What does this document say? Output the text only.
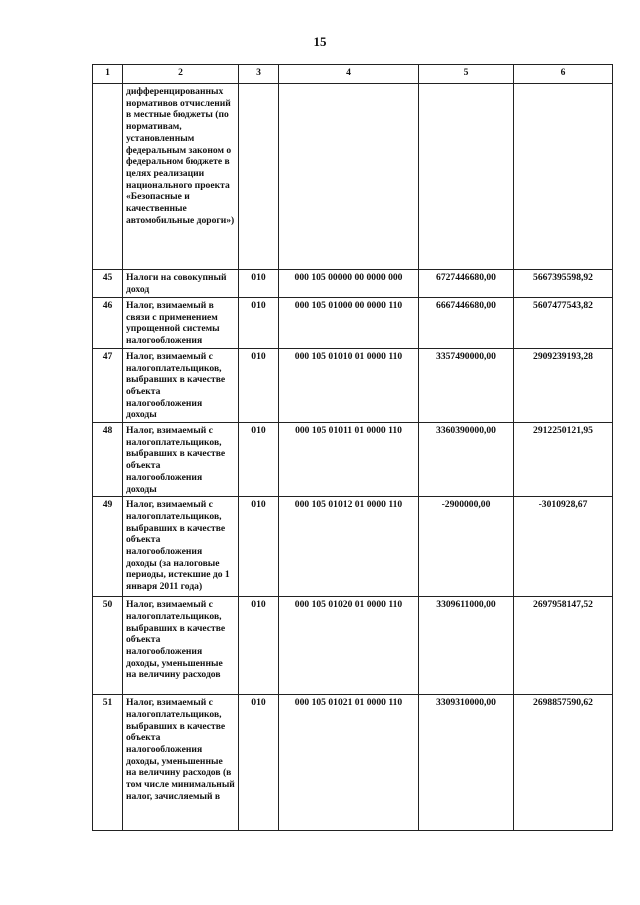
15
1	2	3	4	5	6
	дифференцированных нормативов отчислений в местные бюджеты (по нормативам, установленным федеральным законом о федеральном бюджете в целях реализации национального проекта «Безопасные и качественные автомобильные дороги»)				
45	Налоги на совокупный доход	010	000 105 00000 00 0000 000	6727446680,00	5667395598,92
46	Налог, взимаемый в связи с применением упрощенной системы налогообложения	010	000 105 01000 00 0000 110	6667446680,00	5607477543,82
47	Налог, взимаемый с налогоплательщиков, выбравших в качестве объекта налогообложения доходы	010	000 105 01010 01 0000 110	3357490000,00	2909239193,28
48	Налог, взимаемый с налогоплательщиков, выбравших в качестве объекта налогообложения доходы	010	000 105 01011 01 0000 110	3360390000,00	2912250121,95
49	Налог, взимаемый с налогоплательщиков, выбравших в качестве объекта налогообложения доходы (за налоговые периоды, истекшие до 1 января 2011 года)	010	000 105 01012 01 0000 110	-2900000,00	-3010928,67
50	Налог, взимаемый с налогоплательщиков, выбравших в качестве объекта налогообложения доходы, уменьшенные на величину расходов	010	000 105 01020 01 0000 110	3309611000,00	2697958147,52
51	Налог, взимаемый с налогоплательщиков, выбравших в качестве объекта налогообложения доходы, уменьшенные на величину расходов (в том числе минимальный налог, зачисляемый в	010	000 105 01021 01 0000 110	3309310000,00	2698857590,62
